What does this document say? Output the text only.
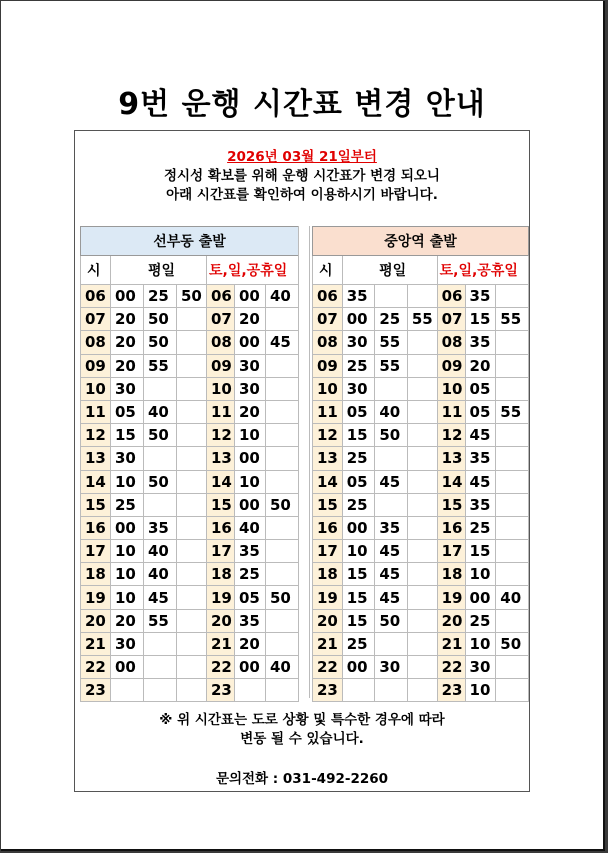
9번 운행 시간표 변경 안내
2026년 03월 21일부터
정시성 확보를 위해 운행 시간표가 변경 되오니
아래 시간표를 확인하여 이용하시기 바랍니다.
선부동 출발						
시	평일			토,일,공휴일		
06	00	25	50	06	00	40
07	20	50		07	20	
08	20	50		08	00	45
09	20	55		09	30	
10	30			10	30	
11	05	40		11	20	
12	15	50		12	10	
13	30			13	00	
14	10	50		14	10	
15	25			15	00	50
16	00	35		16	40	
17	10	40		17	35	
18	10	40		18	25	
19	10	45		19	05	50
20	20	55		20	35	
21	30			21	20	
22	00			22	00	40
23				23		
중앙역 출발						
시	평일			토,일,공휴일		
06	35			06	35	
07	00	25	55	07	15	55
08	30	55		08	35	
09	25	55		09	20	
10	30			10	05	
11	05	40		11	05	55
12	15	50		12	45	
13	25			13	35	
14	05	45		14	45	
15	25			15	35	
16	00	35		16	25	
17	10	45		17	15	
18	15	45		18	10	
19	15	45		19	00	40
20	15	50		20	25	
21	25			21	10	50
22	00	30		22	30	
23				23	10	
※ 위 시간표는 도로 상황 및 특수한 경우에 따라
변동 될 수 있습니다.
문의전화 : 031-492-2260
